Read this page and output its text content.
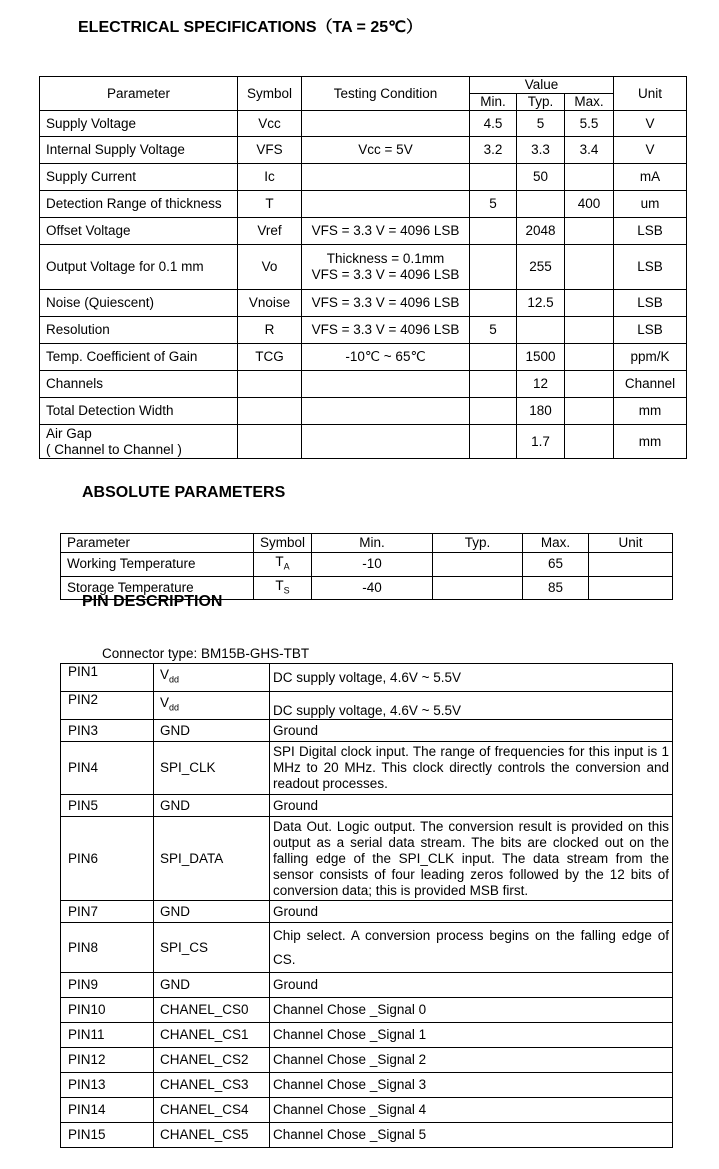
ELECTRICAL SPECIFICATIONS（TA = 25℃）
Parameter	Symbol	Testing Condition	Value			Unit
			Min.	Typ.	Max.	
Supply Voltage	Vcc		4.5	5	5.5	V
Internal Supply Voltage	VFS	Vcc = 5V	3.2	3.3	3.4	V
Supply Current	Ic			50		mA
Detection Range of thickness	T		5		400	um
Offset Voltage	Vref	VFS = 3.3 V = 4096 LSB		2048		LSB
Output Voltage for 0.1 mm	Vo	Thickness = 0.1mm
VFS = 3.3 V = 4096 LSB		255		LSB
Noise (Quiescent)	Vnoise	VFS = 3.3 V = 4096 LSB		12.5		LSB
Resolution	R	VFS = 3.3 V = 4096 LSB	5			LSB
Temp. Coefficient of Gain	TCG	-10℃ ~ 65℃		1500		ppm/K
Channels				12		Channel
Total Detection Width				180		mm

Air Gap
( Channel to Channel )				1.7		mm
ABSOLUTE PARAMETERS
Parameter	Symbol	Min.	Typ.	Max.	Unit
Working Temperature	$T_A$	-10		65	
Storage Temperature	$T_S$	-40		85	
PIN DESCRIPTION
Connector type: BM15B-GHS-TBT
PIN1	$V_{dd}$	DC supply voltage, 4.6V ~ 5.5V
PIN2	$V_{dd}$	DC supply voltage, 4.6V ~ 5.5V
PIN3	GND	Ground
PIN4	SPI_CLK	SPI Digital clock input. The range of frequencies for this input is 1 MHz to 20 MHz. This clock directly controls the conversion and readout processes.
PIN5	GND	Ground
PIN6	SPI_DATA	Data Out. Logic output. The conversion result is provided on this output as a serial data stream. The bits are clocked out on the falling edge of the SPI_CLK input. The data stream from the sensor consists of four leading zeros followed by the 12 bits of conversion data; this is provided MSB first.
PIN7	GND	Ground
PIN8	SPI_CS	Chip select. A conversion process begins on the falling edge of CS.
PIN9	GND	Ground
PIN10	CHANEL_CS0	Channel Chose _Signal 0
PIN11	CHANEL_CS1	Channel Chose _Signal 1
PIN12	CHANEL_CS2	Channel Chose _Signal 2
PIN13	CHANEL_CS3	Channel Chose _Signal 3
PIN14	CHANEL_CS4	Channel Chose _Signal 4
PIN15	CHANEL_CS5	Channel Chose _Signal 5
